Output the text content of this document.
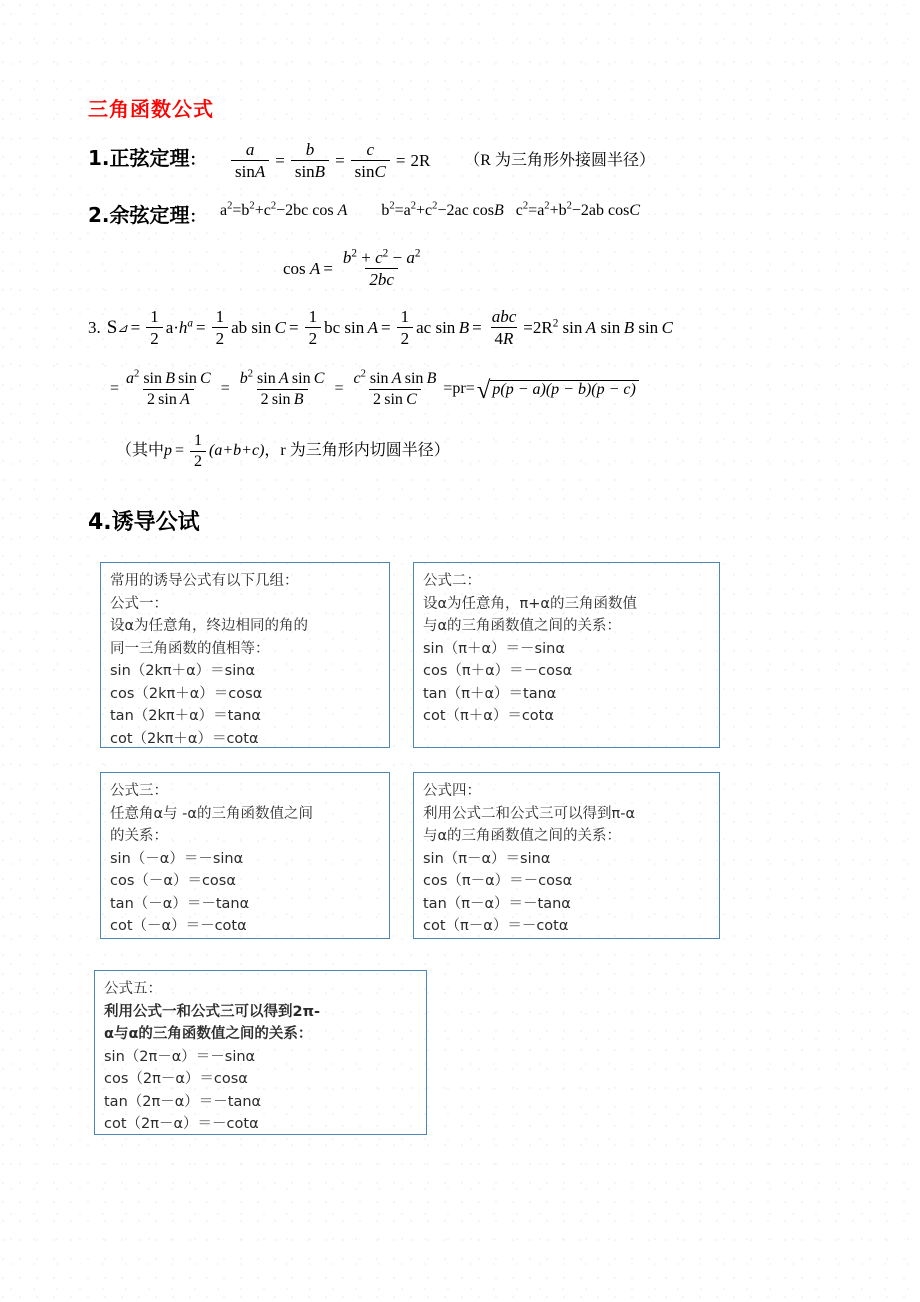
三角函数公式
1.正弦定理： $\frac{a}{\sin A} = \frac{b}{\sin B} = \frac{c}{\sin C} = 2R$ （R 为三角形外接圆半径）
2.余弦定理： $a^2=b^2+c^2-2bc$ cos A $b^2=a^2+c^2-2ac$ cosB $c^2=a^2+b^2-2ab$ cosC
$\cos A = \frac{b^2 + c^2 - a^2}{2bc}$
3. S ⊿ = $\frac{1}{2} a\cdot h^a = \frac{1}{2}$ ab $\sin C = \frac{1}{2}$ bc $\sin A = \frac{1}{2}$ ac $\sin B = \frac{\text{abc}}{4R} = 2R^2$ sin A sin B sin C
= $\frac{a^2 \sin B \sin C}{\text{2 sin A}} = \frac{b^2 \sin A \sin C}{\text{2 sin B}} = \frac{c^2 \sin A \sin B}{\text{2 sin C}}$ = pr = √ p(p − a)(p − b)(p − c)
（其中 $p = \frac{1}{2} (a+b+c)$ ，r 为三角形内切圆半径）
4.诱导公试
常用的诱导公式有以下几组：
公式一：
设α为任意角，终边相同的角的
同一三角函数的值相等：
sin（2kπ＋α）＝sinα
cos（2kπ＋α）＝cosα
tan（2kπ＋α）＝tanα
cot（2kπ＋α）＝cotα
公式二：
设α为任意角，π+α的三角函数值
与α的三角函数值之间的关系：
sin（π＋α）＝－sinα
cos（π＋α）＝－cosα
tan（π＋α）＝tanα
cot（π＋α）＝cotα
公式三：
任意角α与 -α的三角函数值之间
的关系：
sin（－α）＝－sinα
cos（－α）＝cosα
tan（－α）＝－tanα
cot（－α）＝－cotα
公式四：
利用公式二和公式三可以得到π-α
与α的三角函数值之间的关系：
sin（π－α）＝sinα
cos（π－α）＝－cosα
tan（π－α）＝－tanα
cot（π－α）＝－cotα
公式五：
利用公式一和公式三可以得到2π-
α与α的三角函数值之间的关系：
sin（2π－α）＝－sinα
cos（2π－α）＝cosα
tan（2π－α）＝－tanα
cot（2π－α）＝－cotα
